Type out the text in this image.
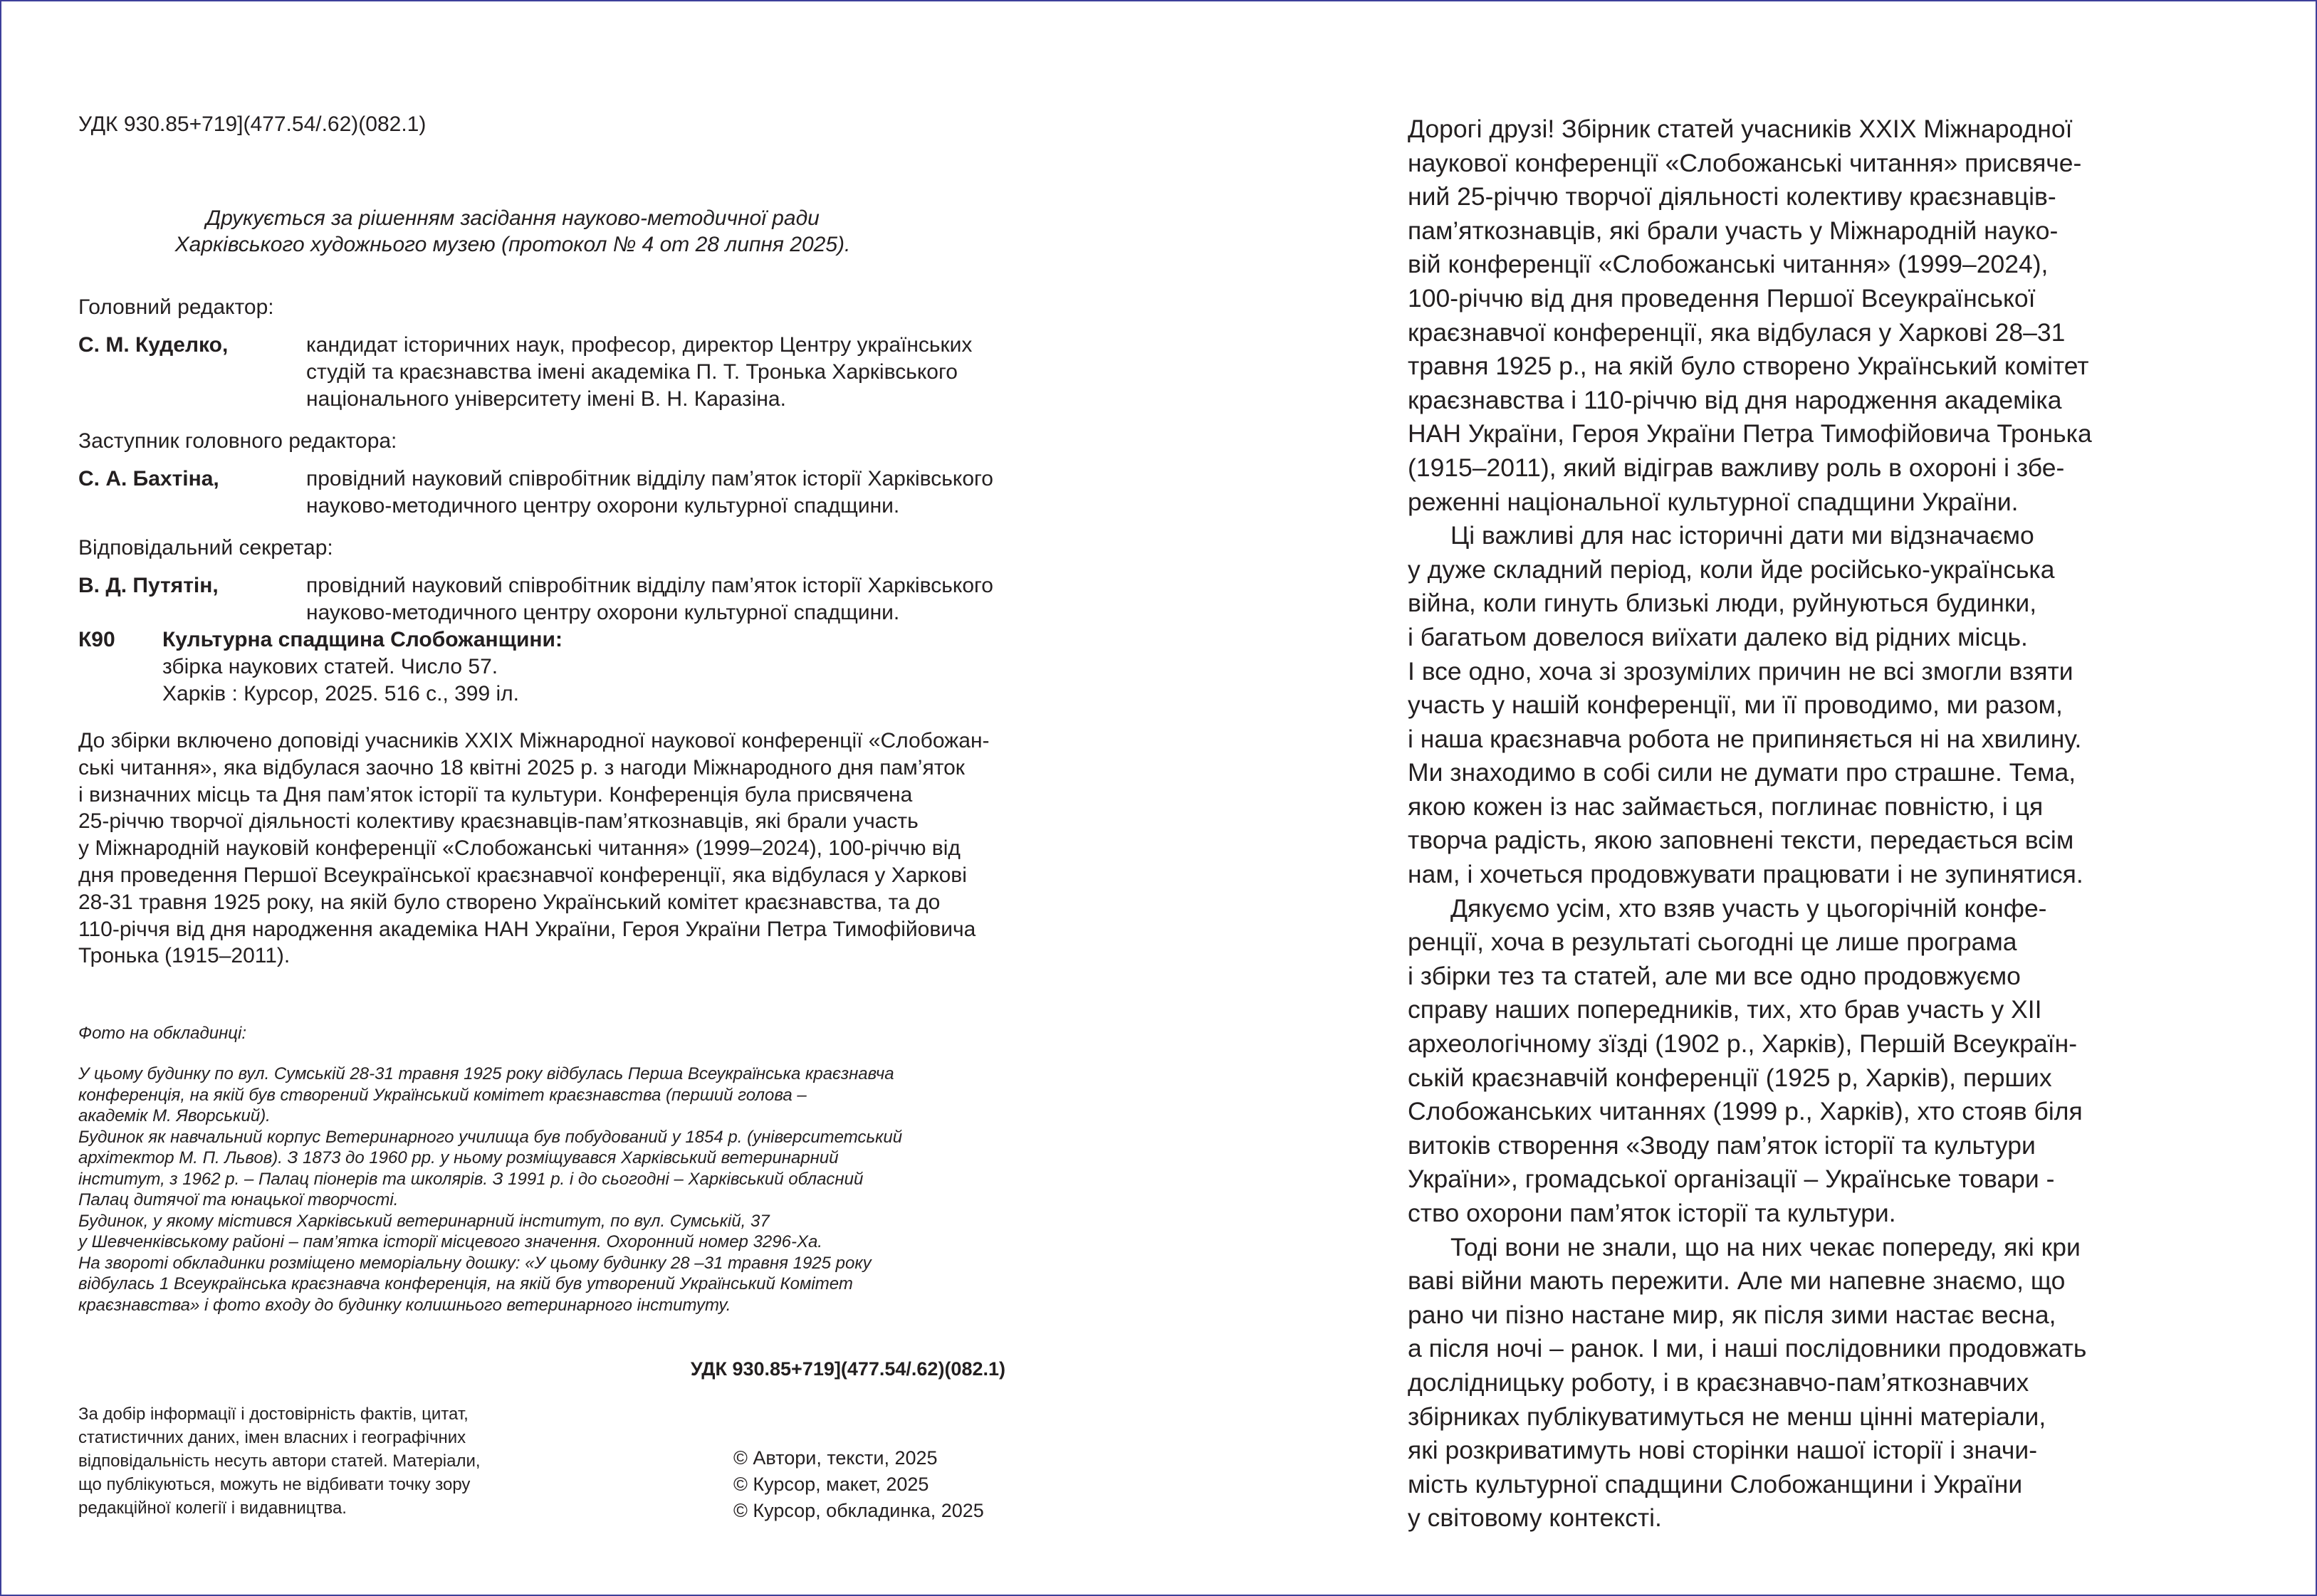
УДК 930.85+719](477.54/.62)(082.1)
Друкується за рішенням засідання науково-методичної ради
Харківського художнього музею (протокол № 4 от 28 липня 2025).
Головний редактор:
С. М. Куделко,	кандидат історичних наук, професор, директор Центру українських
студій та краєзнавства імені академіка П. Т. Тронька Харківського
національного університету імені В. Н. Каразіна.
Заступник головного редактора:
С. А. Бахтіна,	провідний науковий співробітник відділу пам’яток історії Харківського
науково-методичного центру охорони культурної спадщини.
Відповідальний секретар:
В. Д. Путятін,	провідний науковий співробітник відділу пам’яток історії Харківського
науково-методичного центру охорони культурної спадщини.
К90	Культурна спадщина Слобожанщини:
збірка наукових статей. Число 57.
Харків : Курсор, 2025. 516 с., 399 іл.
До збірки включено доповіді учасників XXIX Міжнародної наукової конференції «Слобожан-
ські читання», яка відбулася заочно 18 квітні 2025 р. з нагоди Міжнародного дня пам’яток
і визначних місць та Дня пам’яток історії та культури. Конференція була присвячена
25-річчю творчої діяльності колективу краєзнавців-пам’яткознавців, які брали участь
у Міжнародній науковій конференції «Слобожанські читання» (1999–2024), 100-річчю від
дня проведення Першої Всеукраїнської краєзнавчої конференції, яка відбулася у Харкові
28-31 травня 1925 року, на якій було створено Український комітет краєзнавства, та до
110-річчя від дня народження академіка НАН України, Героя України Петра Тимофійовича
Тронька (1915–2011).
Фото на обкладинці:
У цьому будинку по вул. Сумській 28-31 травня 1925 року відбулась Перша Всеукраїнська краєзнавча
конференція, на якій був створений Український комітет краєзнавства (перший голова –
академік М. Яворський).
Будинок як навчальний корпус Ветеринарного училища був побудований у 1854 р. (університетський
архітектор М. П. Львов). З 1873 до 1960 рр. у ньому розміщувався Харківський ветеринарний
інститут, з 1962 р. – Палац піонерів та школярів. З 1991 р. і до сьогодні – Харківський обласний
Палац дитячої та юнацької творчості.
Будинок, у якому містився Харківський ветеринарний інститут, по вул. Сумській, 37
у Шевченківському районі – пам’ятка історії місцевого значення. Охоронний номер 3296-Ха.
На звороті обкладинки розміщено меморіальну дошку: «У цьому будинку 28 –31 травня 1925 року
відбулась 1 Всеукраїнська краєзнавча конференція, на якій був утворений Український Комітет
краєзнавства» і фото входу до будинку колишнього ветеринарного інституту.
УДК 930.85+719](477.54/.62)(082.1)
За добір інформації і достовірність фактів, цитат,
статистичних даних, імен власних і географічних
відповідальність несуть автори статей. Матеріали,
що публікуються, можуть не відбивати точку зору
редакційної колегії і видавництва.
© Автори, тексти, 2025
© Курсор, макет, 2025
© Курсор, обкладинка, 2025
Дорогі друзі! Збірник статей учасників XXIX Міжнародної
наукової конференції «Слобожанські читання» присвяче-
ний 25-річчю творчої діяльності колективу краєзнавців-
пам’яткознавців, які брали участь у Міжнародній науко-
вій конференції «Слобожанські читання» (1999–2024),
100-річчю від дня проведення Першої Всеукраїнської
краєзнавчої конференції, яка відбулася у Харкові 28–31
травня 1925 р., на якій було створено Український комітет
краєзнавства і 110-річчю від дня народження академіка
НАН України, Героя України Петра Тимофійовича Тронька
(1915–2011), який відіграв важливу роль в охороні і збе-
реженні національної культурної спадщини України.
Ці важливі для нас історичні дати ми відзначаємо
у дуже складний період, коли йде російсько-українська
війна, коли гинуть близькі люди, руйнуються будинки,
і багатьом довелося виїхати далеко від рідних місць.
І все одно, хоча зі зрозумілих причин не всі змогли взяти
участь у нашій конференції, ми її проводимо, ми разом,
і наша краєзнавча робота не припиняється ні на хвилину.
Ми знаходимо в собі сили не думати про страшне. Тема,
якою кожен із нас займається, поглинає повністю, і ця
творча радість, якою заповнені тексти, передається всім
нам, і хочеться продовжувати працювати і не зупинятися.
Дякуємо усім, хто взяв участь у цьогорічній конфе-
ренції, хоча в результаті сьогодні це лише програма
і збірки тез та статей, але ми все одно продовжуємо
справу наших попередників, тих, хто брав участь у XII
археологічному зїзді (1902 р., Харків), Першій Всеукраїн-
ській краєзнавчій конференції (1925 р, Харків), перших
Слобожанських читаннях (1999 р., Харків), хто стояв біля
витоків створення «Зводу пам’яток історії та культури
України», громадської організації – Українське товари -
ство охорони пам’яток історії та культури.
Тоді вони не знали, що на них чекає попереду, які кри
ваві війни мають пережити. Але ми напевне знаємо, що
рано чи пізно настане мир, як після зими настає весна,
а після ночі – ранок. І ми, і наші послідовники продовжать
дослідницьку роботу, і в краєзнавчо-пам’яткознавчих
збірниках публікуватимуться не менш цінні матеріали,
які розкриватимуть нові сторінки нашої історії і значи-
мість культурної спадщини Слобожанщини і України
у світовому контексті.
